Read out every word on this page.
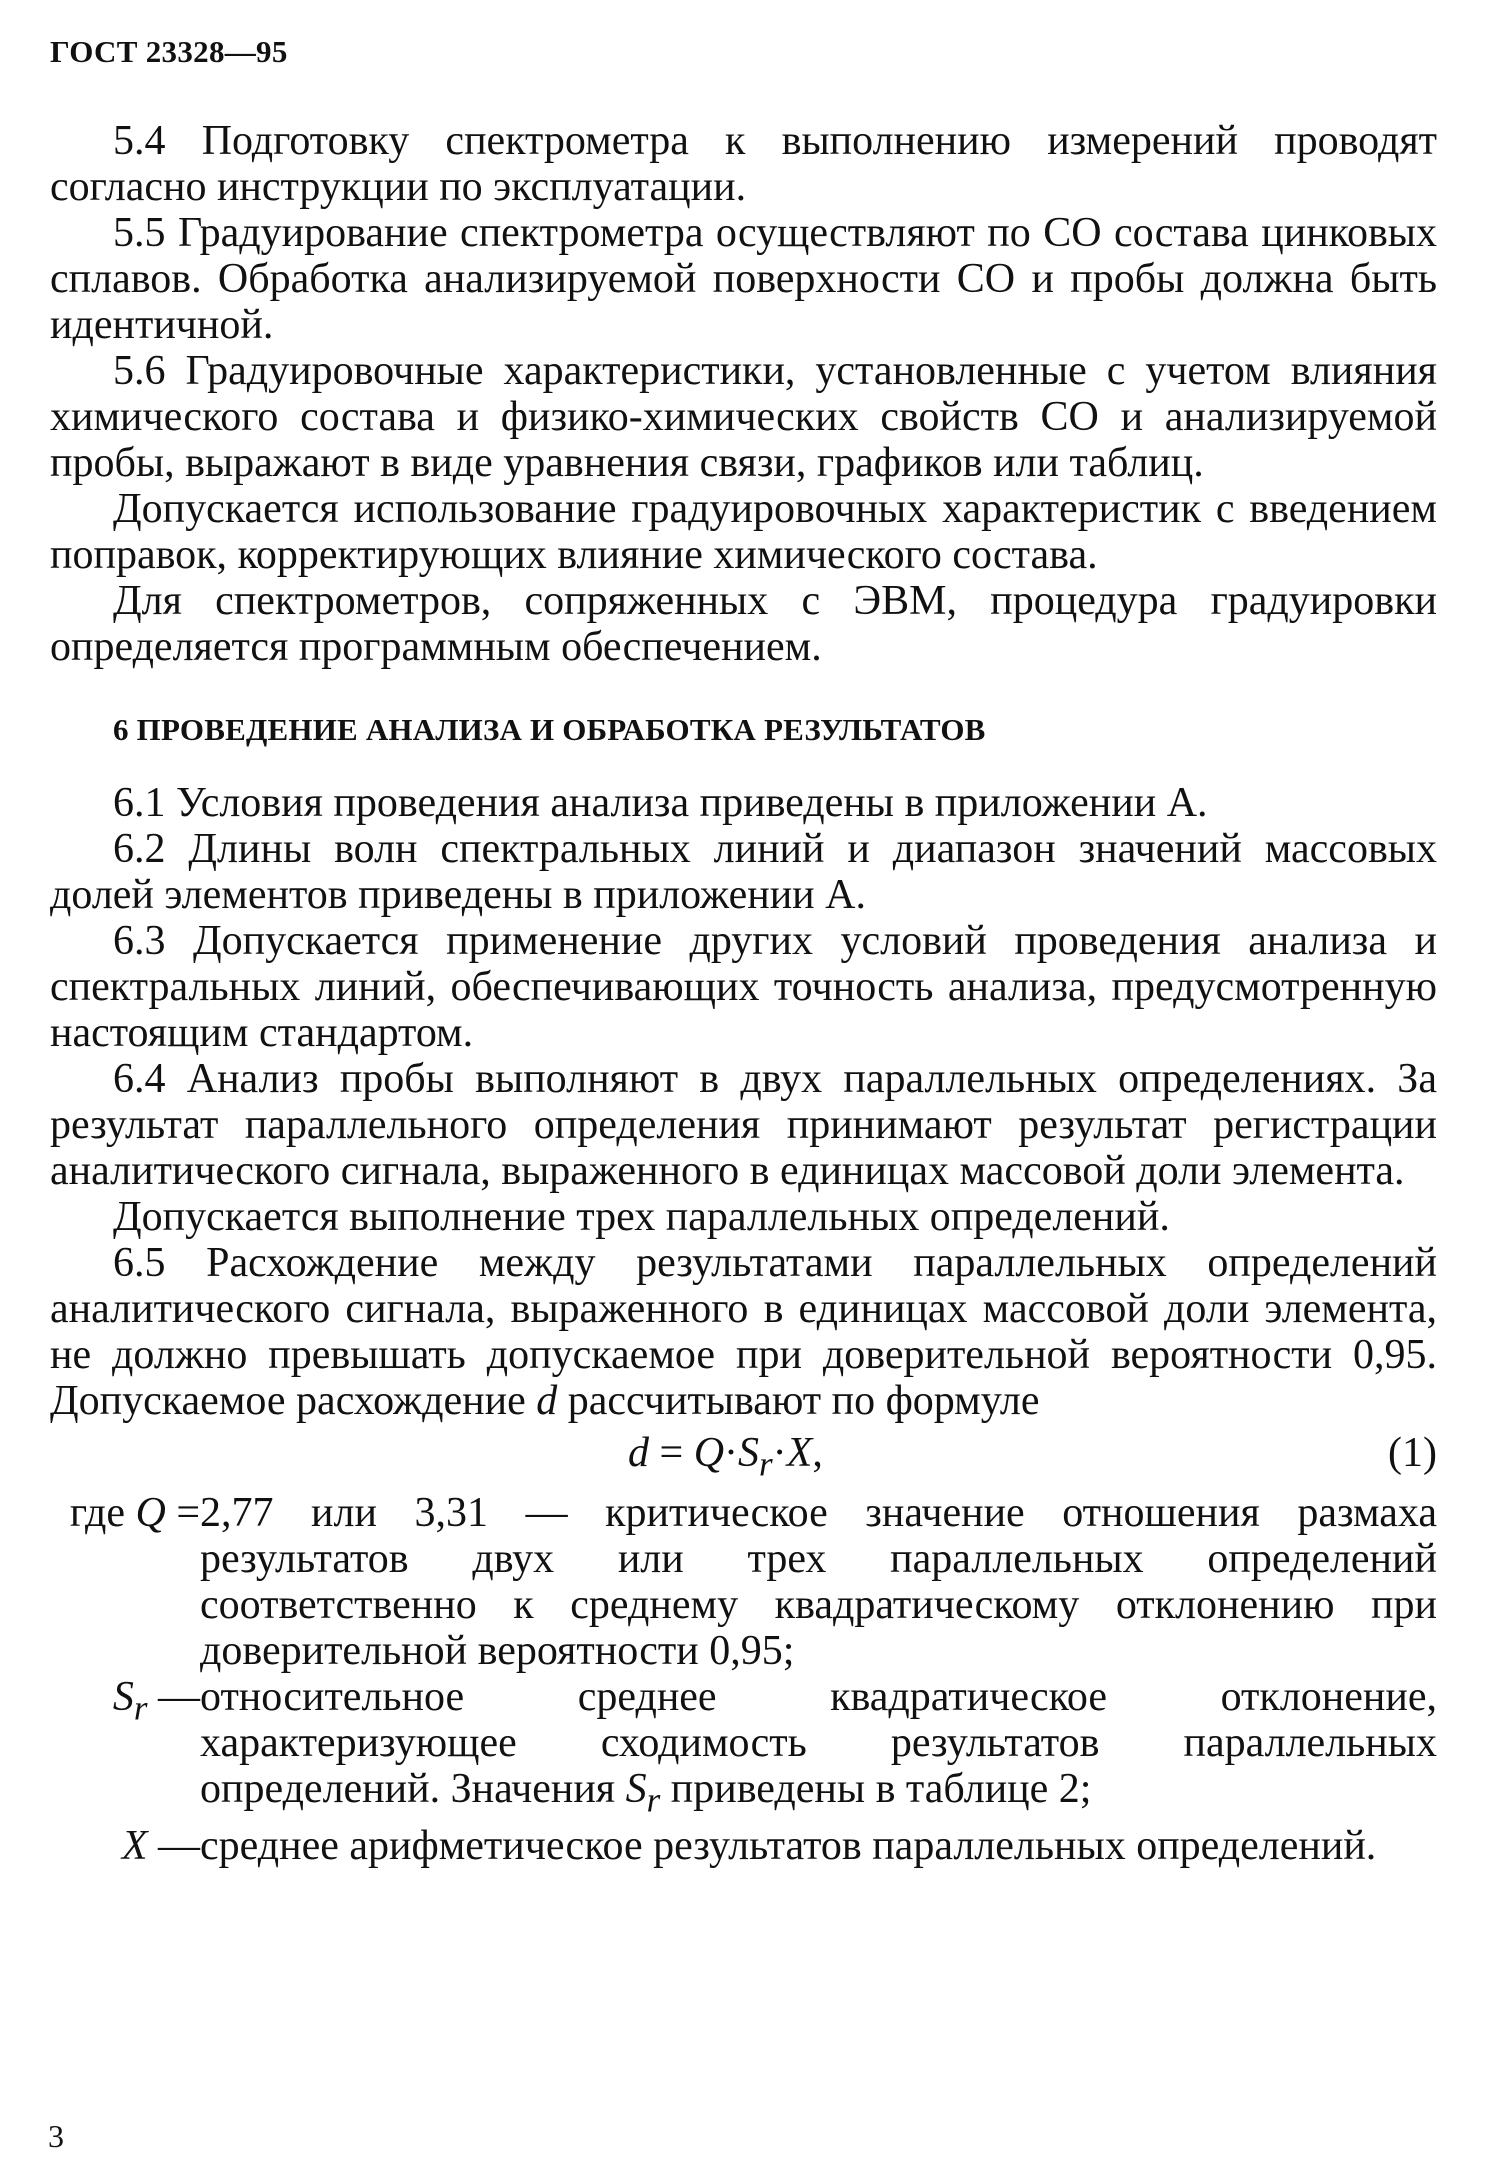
ГОСТ 23328—95

5.4 Подготовку спектрометра к выполнению измерений проводят согласно инструкции по эксплуатации.

5.5 Градуирование спектрометра осуществляют по СО состава цинковых сплавов. Обработка анализируемой поверхности СО и пробы должна быть идентичной.

5.6 Градуировочные характеристики, установленные с учетом влияния химического состава и физико-химических свойств СО и анализируемой пробы, выражают в виде уравнения связи, графиков или таблиц.

Допускается использование градуировочных характеристик с введением поправок, корректирующих влияние химического состава.

Для спектрометров, сопряженных с ЭВМ, процедура градуировки определяется программным обеспечением.

6 ПРОВЕДЕНИЕ АНАЛИЗА И ОБРАБОТКА РЕЗУЛЬТАТОВ

6.1 Условия проведения анализа приведены в приложении А.

6.2 Длины волн спектральных линий и диапазон значений массовых долей элементов приведены в приложении А.

6.3 Допускается применение других условий проведения анализа и спектральных линий, обеспечивающих точность анализа, предусмотренную настоящим стандартом.

6.4 Анализ пробы выполняют в двух параллельных определениях. За результат параллельного определения принимают результат регистрации аналитического сигнала, выраженного в единицах массовой доли элемента.

Допускается выполнение трех параллельных определений.

6.5 Расхождение между результатами параллельных определений аналитического сигнала, выраженного в единицах массовой доли элемента, не должно превышать допускаемое при доверительной вероятности 0,95. Допускаемое расхождение d рассчитывают по формуле

$d = Q\cdot S_r\cdot X$,	(1)
где Q = 2,77 или 3,31 — критическое значение отношения размаха результатов двух или трех параллельных определений соответственно к среднему квадратическому отклонению при доверительной вероятности 0,95;
$S_r$ — относительное среднее квадратическое отклонение, характеризующее сходимость результатов параллельных определений. Значения $S_r$ приведены в таблице 2;
X — среднее арифметическое результатов параллельных определений.
3
